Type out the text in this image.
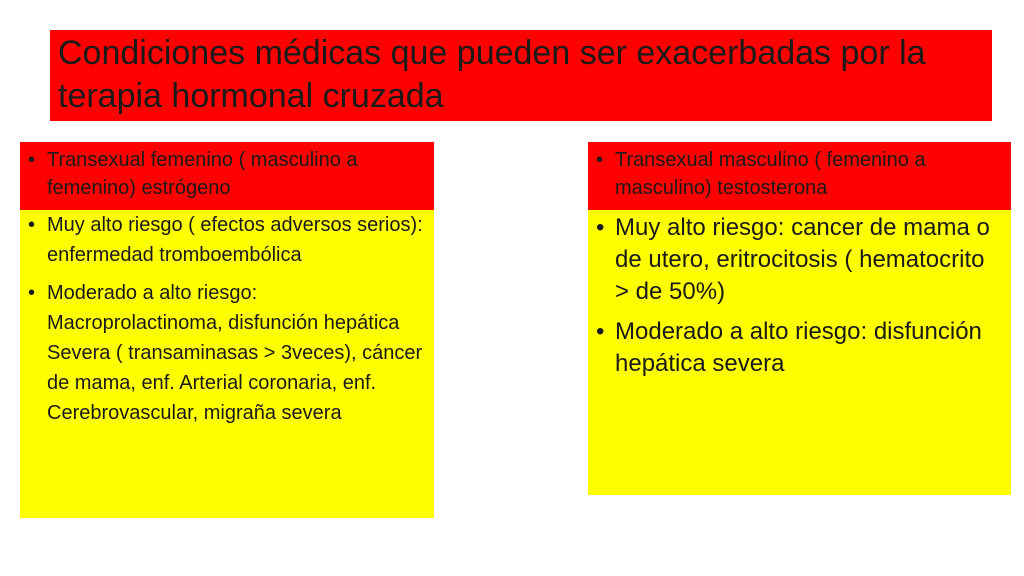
Condiciones médicas que pueden ser exacerbadas por la terapia hormonal cruzada
• Transexual femenino ( masculino a femenino) estrógeno
• Muy alto riesgo ( efectos adversos serios): enfermedad tromboembólica
• Moderado a alto riesgo: Macroprolactinoma, disfunción hepática Severa ( transaminasas > 3veces), cáncer de mama, enf. Arterial coronaria, enf. Cerebrovascular, migraña severa
• Transexual masculino ( femenino a masculino) testosterona
• Muy alto riesgo: cancer de mama o de utero, eritrocitosis ( hematocrito > de 50%)
• Moderado a alto riesgo: disfunción hepática severa
